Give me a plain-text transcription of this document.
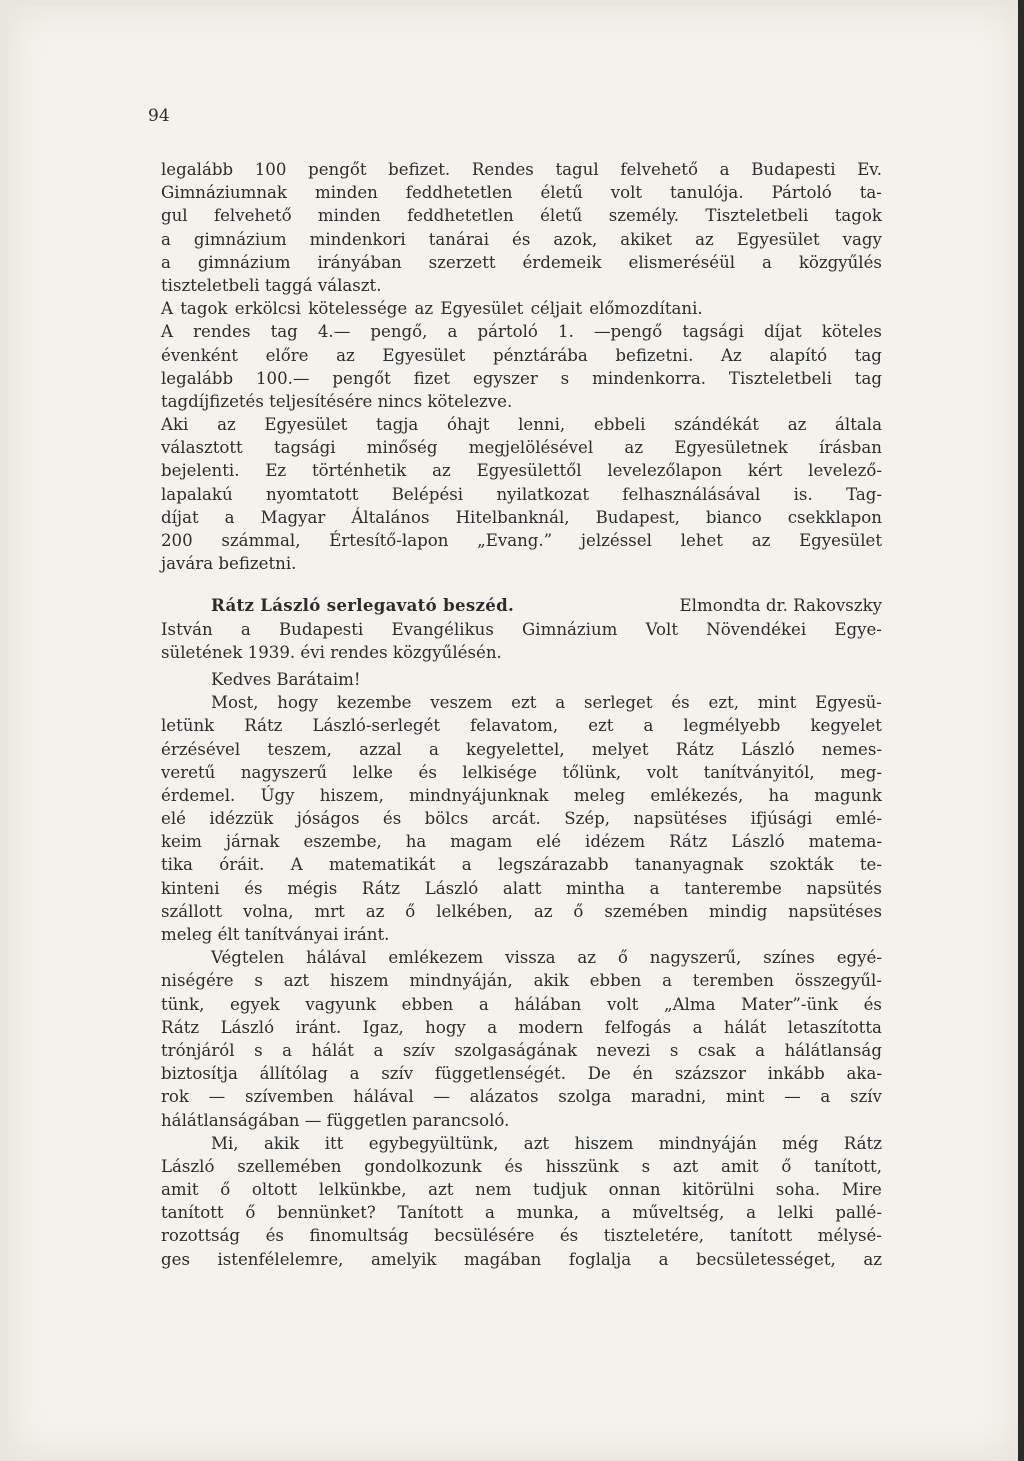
94
legalább 100 pengőt befizet. Rendes tagul felvehető a Budapesti Ev.
Gimnáziumnak minden feddhetetlen életű volt tanulója. Pártoló ta-
gul felvehető minden feddhetetlen életű személy. Tiszteletbeli tagok
a gimnázium mindenkori tanárai és azok, akiket az Egyesület vagy
a gimnázium irányában szerzett érdemeik elismeréséül a közgyűlés
tiszteletbeli taggá választ.
A tagok erkölcsi kötelessége az Egyesület céljait előmozdítani.
A rendes tag 4.— pengő, a pártoló 1. —pengő tagsági díjat köteles
évenként előre az Egyesület pénztárába befizetni. Az alapító tag
legalább 100.— pengőt fizet egyszer s mindenkorra. Tiszteletbeli tag
tagdíjfizetés teljesítésére nincs kötelezve.
Aki az Egyesület tagja óhajt lenni, ebbeli szándékát az általa
választott tagsági minőség megjelölésével az Egyesületnek írásban
bejelenti. Ez történhetik az Egyesülettől levelezőlapon kért levelező-
lapalakú nyomtatott Belépési nyilatkozat felhasználásával is. Tag-
díjat a Magyar Általános Hitelbanknál, Budapest, bianco csekklapon
200 számmal, Értesítő-lapon „Evang.” jelzéssel lehet az Egyesület
javára befizetni.
Rátz László serlegavató beszéd.	Elmondta dr. Rakovszky
István a Budapesti Evangélikus Gimnázium Volt Növendékei Egye-
sületének 1939. évi rendes közgyűlésén.
Kedves Barátaim!
Most, hogy kezembe veszem ezt a serleget és ezt, mint Egyesü-
letünk Rátz László-serlegét felavatom, ezt a legmélyebb kegyelet
érzésével teszem, azzal a kegyelettel, melyet Rátz László nemes-
veretű nagyszerű lelke és lelkisége tőlünk, volt tanítványitól, meg-
érdemel. Úgy hiszem, mindnyájunknak meleg emlékezés, ha magunk
elé idézzük jóságos és bölcs arcát. Szép, napsütéses ifjúsági emlé-
keim járnak eszembe, ha magam elé idézem Rátz László matema-
tika óráit. A matematikát a legszárazabb tananyagnak szokták te-
kinteni és mégis Rátz László alatt mintha a tanterembe napsütés
szállott volna, mrt az ő lelkében, az ő szemében mindig napsütéses
meleg élt tanítványai iránt.
Végtelen hálával emlékezem vissza az ő nagyszerű, színes egyé-
niségére s azt hiszem mindnyáján, akik ebben a teremben összegyűl-
tünk, egyek vagyunk ebben a hálában volt „Alma Mater”-ünk és
Rátz László iránt. Igaz, hogy a modern felfogás a hálát letaszította
trónjáról s a hálát a szív szolgaságának nevezi s csak a hálátlanság
biztosítja állítólag a szív függetlenségét. De én százszor inkább aka-
rok — szívemben hálával — alázatos szolga maradni, mint — a szív
hálátlanságában — független parancsoló.
Mi, akik itt egybegyültünk, azt hiszem mindnyáján még Rátz
László szellemében gondolkozunk és hisszünk s azt amit ő tanított,
amit ő oltott lelkünkbe, azt nem tudjuk onnan kitörülni soha. Mire
tanított ő bennünket? Tanított a munka, a műveltség, a lelki pallé-
rozottság és finomultság becsülésére és tiszteletére, tanított mélysé-
ges istenfélelemre, amelyik magában foglalja a becsületességet, az
